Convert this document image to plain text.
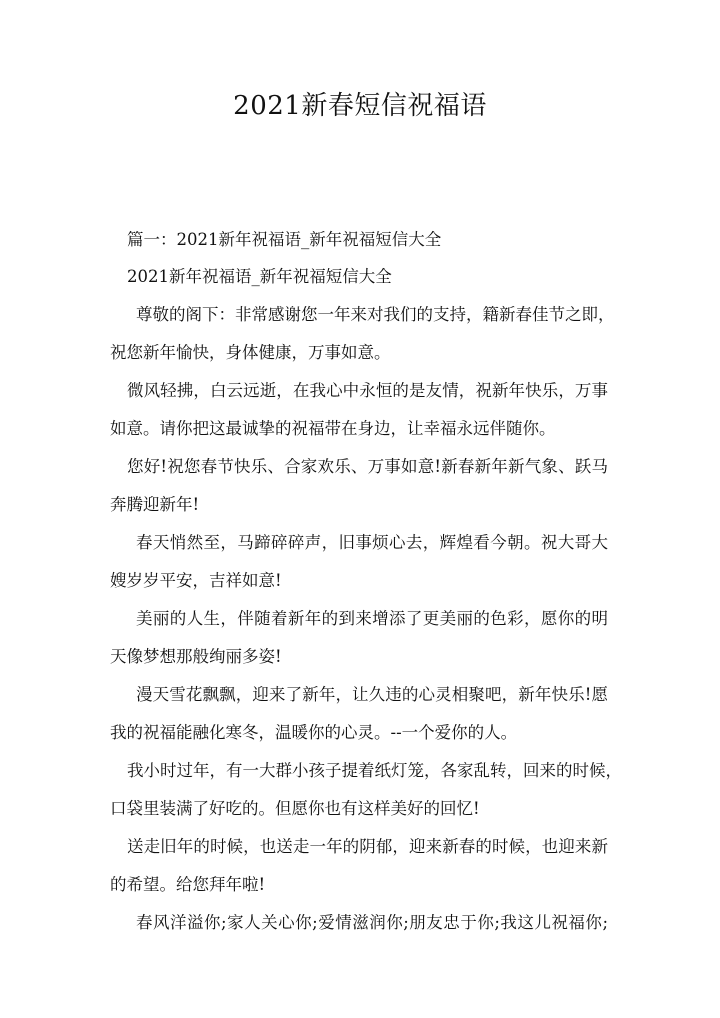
2021新春短信祝福语

篇一：2021新年祝福语_新年祝福短信大全

2021新年祝福语_新年祝福短信大全

尊敬的阁下：非常感谢您一年来对我们的支持，籍新春佳节之即，

祝您新年愉快，身体健康，万事如意。

微风轻拂，白云远逝，在我心中永恒的是友情，祝新年快乐，万事

如意。请你把这最诚挚的祝福带在身边，让幸福永远伴随你。

您好!祝您春节快乐、合家欢乐、万事如意!新春新年新气象、跃马

奔腾迎新年!

春天悄然至，马蹄碎碎声，旧事烦心去，辉煌看今朝。祝大哥大

嫂岁岁平安，吉祥如意!

美丽的人生，伴随着新年的到来增添了更美丽的色彩，愿你的明

天像梦想那般绚丽多姿!

漫天雪花飘飘，迎来了新年，让久违的心灵相聚吧，新年快乐!愿

我的祝福能融化寒冬，温暖你的心灵。--一个爱你的人。

我小时过年，有一大群小孩子提着纸灯笼，各家乱转，回来的时候，

口袋里装满了好吃的。但愿你也有这样美好的回忆!

送走旧年的时候，也送走一年的阴郁，迎来新春的时候，也迎来新

的希望。给您拜年啦!

春风洋溢你;家人关心你;爱情滋润你;朋友忠于你;我这儿祝福你;
